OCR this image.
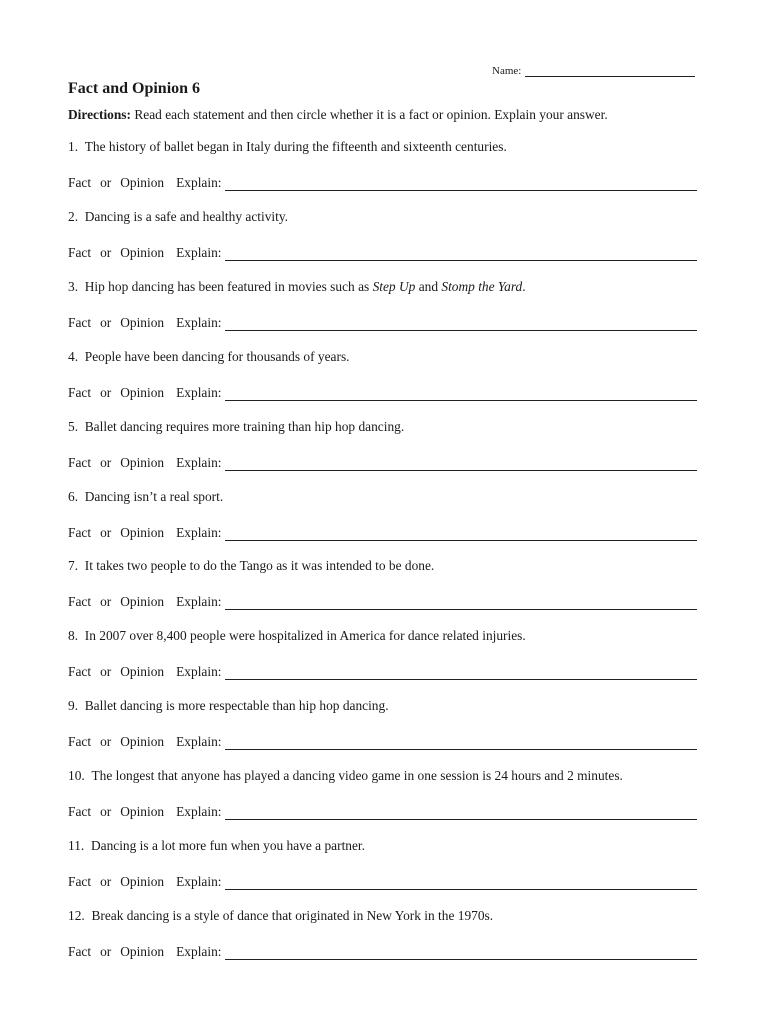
Name:
Fact and Opinion 6
Directions: Read each statement and then circle whether it is a fact or opinion. Explain your answer.
1. The history of ballet began in Italy during the fifteenth and sixteenth centuries.
Fact or Opinion Explain:
2. Dancing is a safe and healthy activity.
Fact or Opinion Explain:
3. Hip hop dancing has been featured in movies such as Step Up and Stomp the Yard.
Fact or Opinion Explain:
4. People have been dancing for thousands of years.
Fact or Opinion Explain:
5. Ballet dancing requires more training than hip hop dancing.
Fact or Opinion Explain:
6. Dancing isn’t a real sport.
Fact or Opinion Explain:
7. It takes two people to do the Tango as it was intended to be done.
Fact or Opinion Explain:
8. In 2007 over 8,400 people were hospitalized in America for dance related injuries.
Fact or Opinion Explain:
9. Ballet dancing is more respectable than hip hop dancing.
Fact or Opinion Explain:
10. The longest that anyone has played a dancing video game in one session is 24 hours and 2 minutes.
Fact or Opinion Explain:
11. Dancing is a lot more fun when you have a partner.
Fact or Opinion Explain:
12. Break dancing is a style of dance that originated in New York in the 1970s.
Fact or Opinion Explain:
